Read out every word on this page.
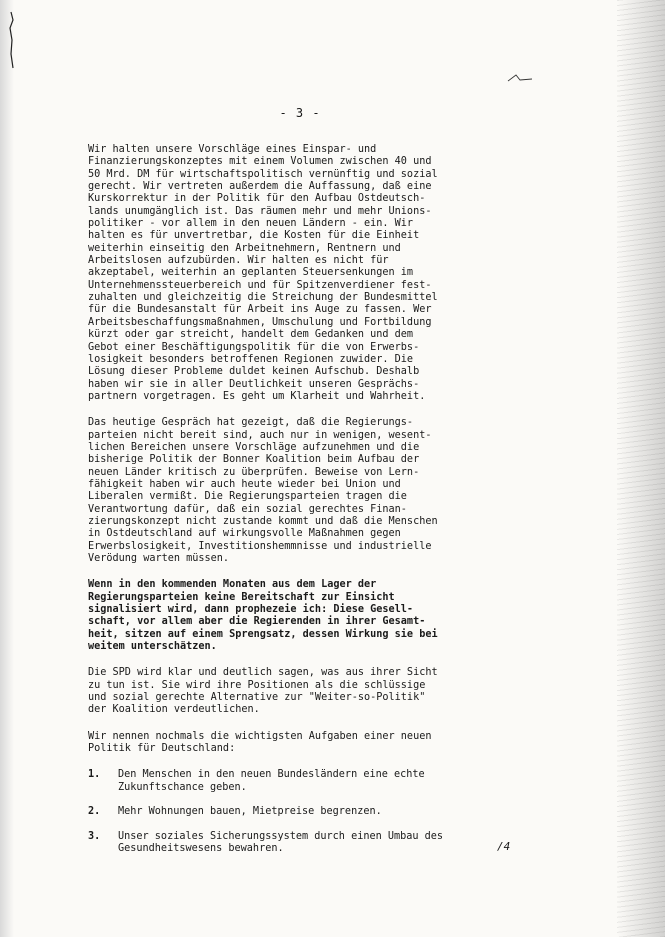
- 3 -

Wir halten unsere Vorschläge eines Einspar- und
Finanzierungskonzeptes mit einem Volumen zwischen 40 und
50 Mrd. DM für wirtschaftspolitisch vernünftig und sozial
gerecht. Wir vertreten außerdem die Auffassung, daß eine
Kurskorrektur in der Politik für den Aufbau Ostdeutsch-
lands unumgänglich ist. Das räumen mehr und mehr Unions-
politiker - vor allem in den neuen Ländern - ein. Wir
halten es für unvertretbar, die Kosten für die Einheit
weiterhin einseitig den Arbeitnehmern, Rentnern und
Arbeitslosen aufzubürden. Wir halten es nicht für
akzeptabel, weiterhin an geplanten Steuersenkungen im
Unternehmenssteuerbereich und für Spitzenverdiener fest-
zuhalten und gleichzeitig die Streichung der Bundesmittel
für die Bundesanstalt für Arbeit ins Auge zu fassen. Wer
Arbeitsbeschaffungsmaßnahmen, Umschulung und Fortbildung
kürzt oder gar streicht, handelt dem Gedanken und dem
Gebot einer Beschäftigungspolitik für die von Erwerbs-
losigkeit besonders betroffenen Regionen zuwider. Die
Lösung dieser Probleme duldet keinen Aufschub. Deshalb
haben wir sie in aller Deutlichkeit unseren Gesprächs-
partnern vorgetragen. Es geht um Klarheit und Wahrheit.

Das heutige Gespräch hat gezeigt, daß die Regierungs-
parteien nicht bereit sind, auch nur in wenigen, wesent-
lichen Bereichen unsere Vorschläge aufzunehmen und die
bisherige Politik der Bonner Koalition beim Aufbau der
neuen Länder kritisch zu überprüfen. Beweise von Lern-
fähigkeit haben wir auch heute wieder bei Union und
Liberalen vermißt. Die Regierungsparteien tragen die
Verantwortung dafür, daß ein sozial gerechtes Finan-
zierungskonzept nicht zustande kommt und daß die Menschen
in Ostdeutschland auf wirkungsvolle Maßnahmen gegen
Erwerbslosigkeit, Investitionshemmnisse und industrielle
Verödung warten müssen.

Wenn in den kommenden Monaten aus dem Lager der
Regierungsparteien keine Bereitschaft zur Einsicht
signalisiert wird, dann prophezeie ich: Diese Gesell-
schaft, vor allem aber die Regierenden in ihrer Gesamt-
heit, sitzen auf einem Sprengsatz, dessen Wirkung sie bei
weitem unterschätzen.

Die SPD wird klar und deutlich sagen, was aus ihrer Sicht
zu tun ist. Sie wird ihre Positionen als die schlüssige
und sozial gerechte Alternative zur "Weiter-so-Politik"
der Koalition verdeutlichen.

Wir nennen nochmals die wichtigsten Aufgaben einer neuen
Politik für Deutschland:

1.	Den Menschen in den neuen Bundesländern eine echte
Zukunftschance geben.
2.	Mehr Wohnungen bauen, Mietpreise begrenzen.
3.	Unser soziales Sicherungssystem durch einen Umbau des
Gesundheitswesens bewahren.	/4
